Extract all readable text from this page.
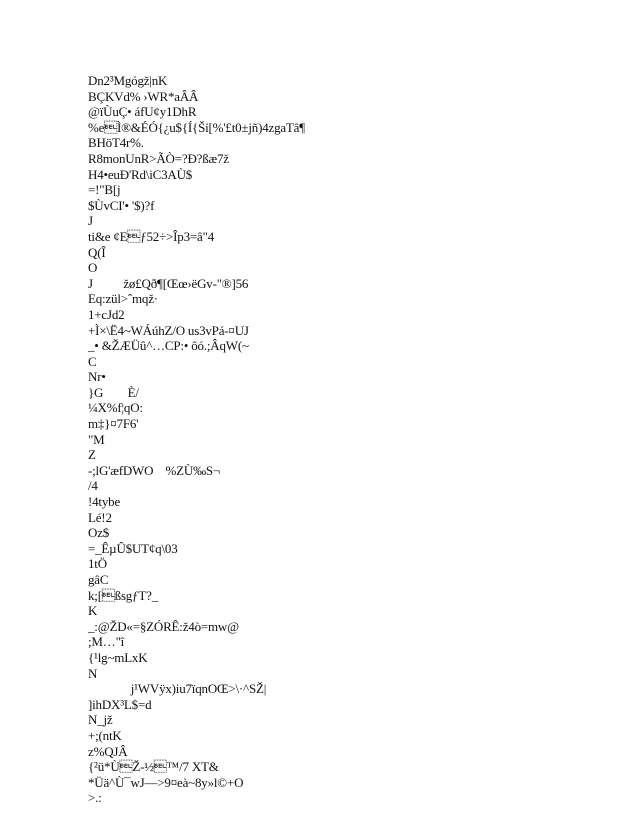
Dn2³Mgógž|nK
BÇKVd% ›WR*aÂÂ
@ïÙuÇ• áfU¢y1DhR
%eÌ®&ÉÓ{¿u${Í{Ší[%'£t0±jñ)4zgaTâ¶
BHöT4r%.
R8monUnR>ÃÒ=?Ð?ßæ7ž
H4•euÐ'Rd\iC3AÙ$
=!"B[j
$ÙvCI'• '$)?f
J
ti&e ¢Eƒ52÷>Îp3=â"4
Q(Î
O
J          žø£Qð¶[Œœ›ëGv-"®]56
Eq:zül>ˆmqž·
1+cJd2
+Ì×\Ë4~WÁúhZ/O us3vPá-¤UJ
_• &ŽÆÜû^…CP:• ôó.;ÂqW(~
C
Nr•
}G        È/
¼X%f¦qO:
m‡}¤7F6'
"M
Z
-;lG'æfDWO    %ZÙ‰S¬
/4
!4tybe
Lé!2
Oz$
=_ÊµÛ$UT¢q\03
1tÖ
gâC
k;[ßsgƒT?_
K
_:@ŽD«=§ZÓRÊ:ž4ò=mw@
;M…"î
{¹lg~mLxK
N
j¹WVÿx)iu7ïqnOŒ>\·^SŽ|
]ihDX³L$=d
N_jž
+;(ntK
z%QJÂ
{²ü*ÙŽ-½™/7 XT&
*Üä^Ù¯wJ—>9¤eà~8y»l©+O
>.:
